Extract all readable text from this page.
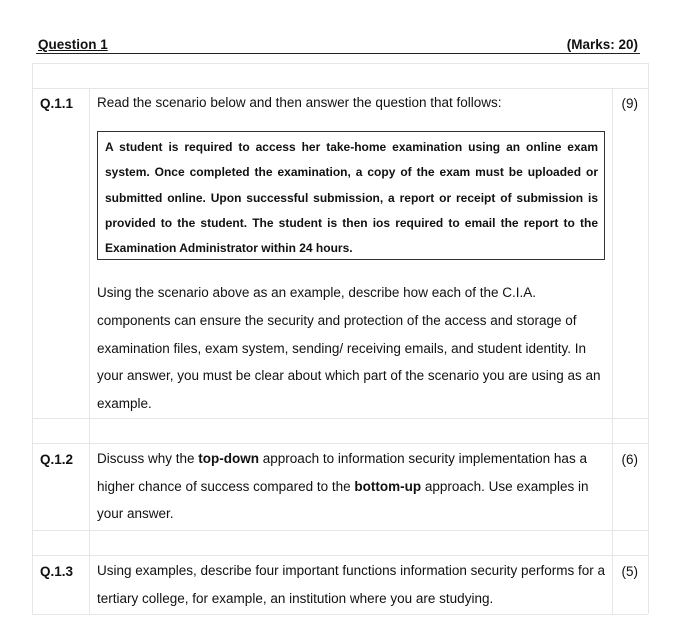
Question 1	(Marks: 20)
Q.1.1 Read the scenario below and then answer the question that follows:	(9)
A student is required to access her take-home examination using an online exam system. Once completed the examination, a copy of the exam must be uploaded or submitted online. Upon successful submission, a report or receipt of submission is provided to the student. The student is then ios required to email the report to the Examination Administrator within 24 hours.
Using the scenario above as an example, describe how each of the C.I.A. components can ensure the security and protection of the access and storage of examination files, exam system, sending/ receiving emails, and student identity. In your answer, you must be clear about which part of the scenario you are using as an example.
Q.1.2 Discuss why the top-down approach to information security implementation has a higher chance of success compared to the bottom-up approach. Use examples in your answer.
(6)
Q.1.3 Using examples, describe four important functions information security performs for a tertiary college, for example, an institution where you are studying.
(5)
